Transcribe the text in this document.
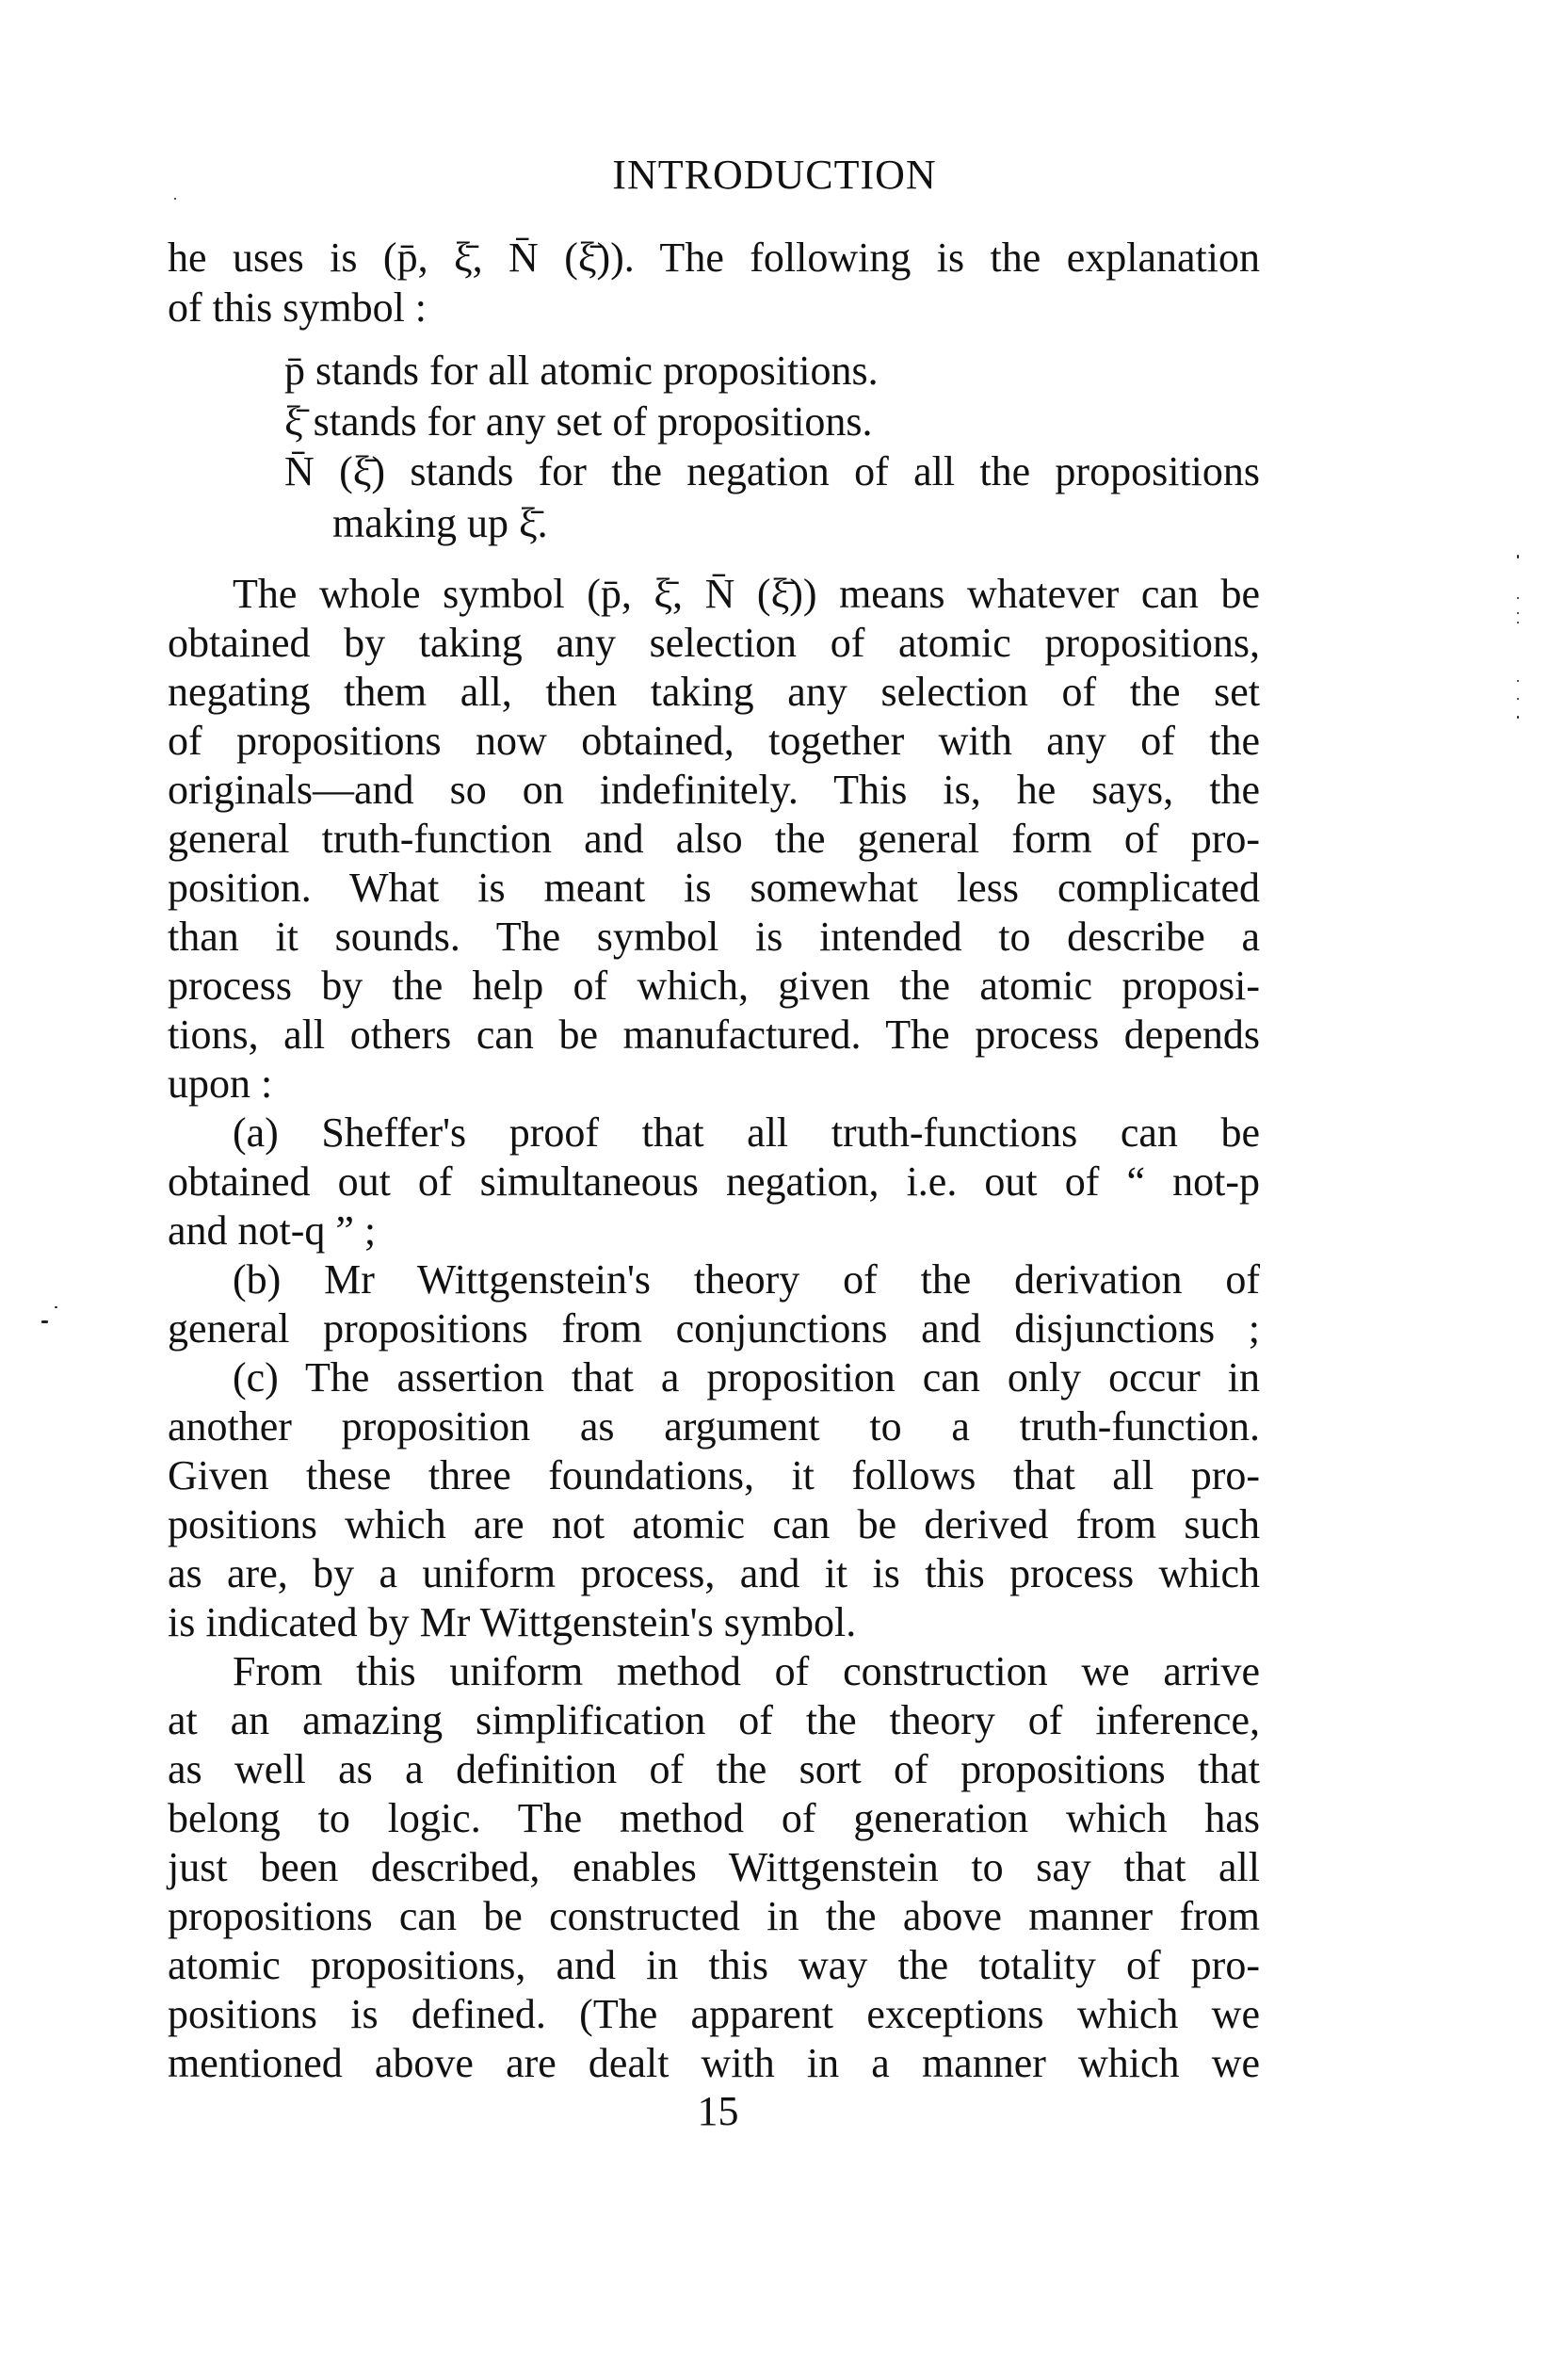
INTRODUCTION
he uses is (p̄, ξ̄, N̄ (ξ̄)). The following is the explanation
of this symbol :
p̄ stands for all atomic propositions.
ξ̄ stands for any set of propositions.
N̄ (ξ̄) stands for the negation of all the propositions
making up ξ̄.
The whole symbol (p̄, ξ̄, N̄ (ξ̄)) means whatever can be
obtained by taking any selection of atomic propositions,
negating them all, then taking any selection of the set
of propositions now obtained, together with any of the
originals—and so on indefinitely. This is, he says, the
general truth-function and also the general form of pro-
position. What is meant is somewhat less complicated
than it sounds. The symbol is intended to describe a
process by the help of which, given the atomic proposi-
tions, all others can be manufactured. The process depends
upon :
(a) Sheffer's proof that all truth-functions can be
obtained out of simultaneous negation, i.e. out of “ not-p
and not-q ” ;
(b) Mr Wittgenstein's theory of the derivation of
general propositions from conjunctions and disjunctions ;
(c) The assertion that a proposition can only occur in
another proposition as argument to a truth-function.
Given these three foundations, it follows that all pro-
positions which are not atomic can be derived from such
as are, by a uniform process, and it is this process which
is indicated by Mr Wittgenstein's symbol.
From this uniform method of construction we arrive
at an amazing simplification of the theory of inference,
as well as a definition of the sort of propositions that
belong to logic. The method of generation which has
just been described, enables Wittgenstein to say that all
propositions can be constructed in the above manner from
atomic propositions, and in this way the totality of pro-
positions is defined. (The apparent exceptions which we
mentioned above are dealt with in a manner which we
15
